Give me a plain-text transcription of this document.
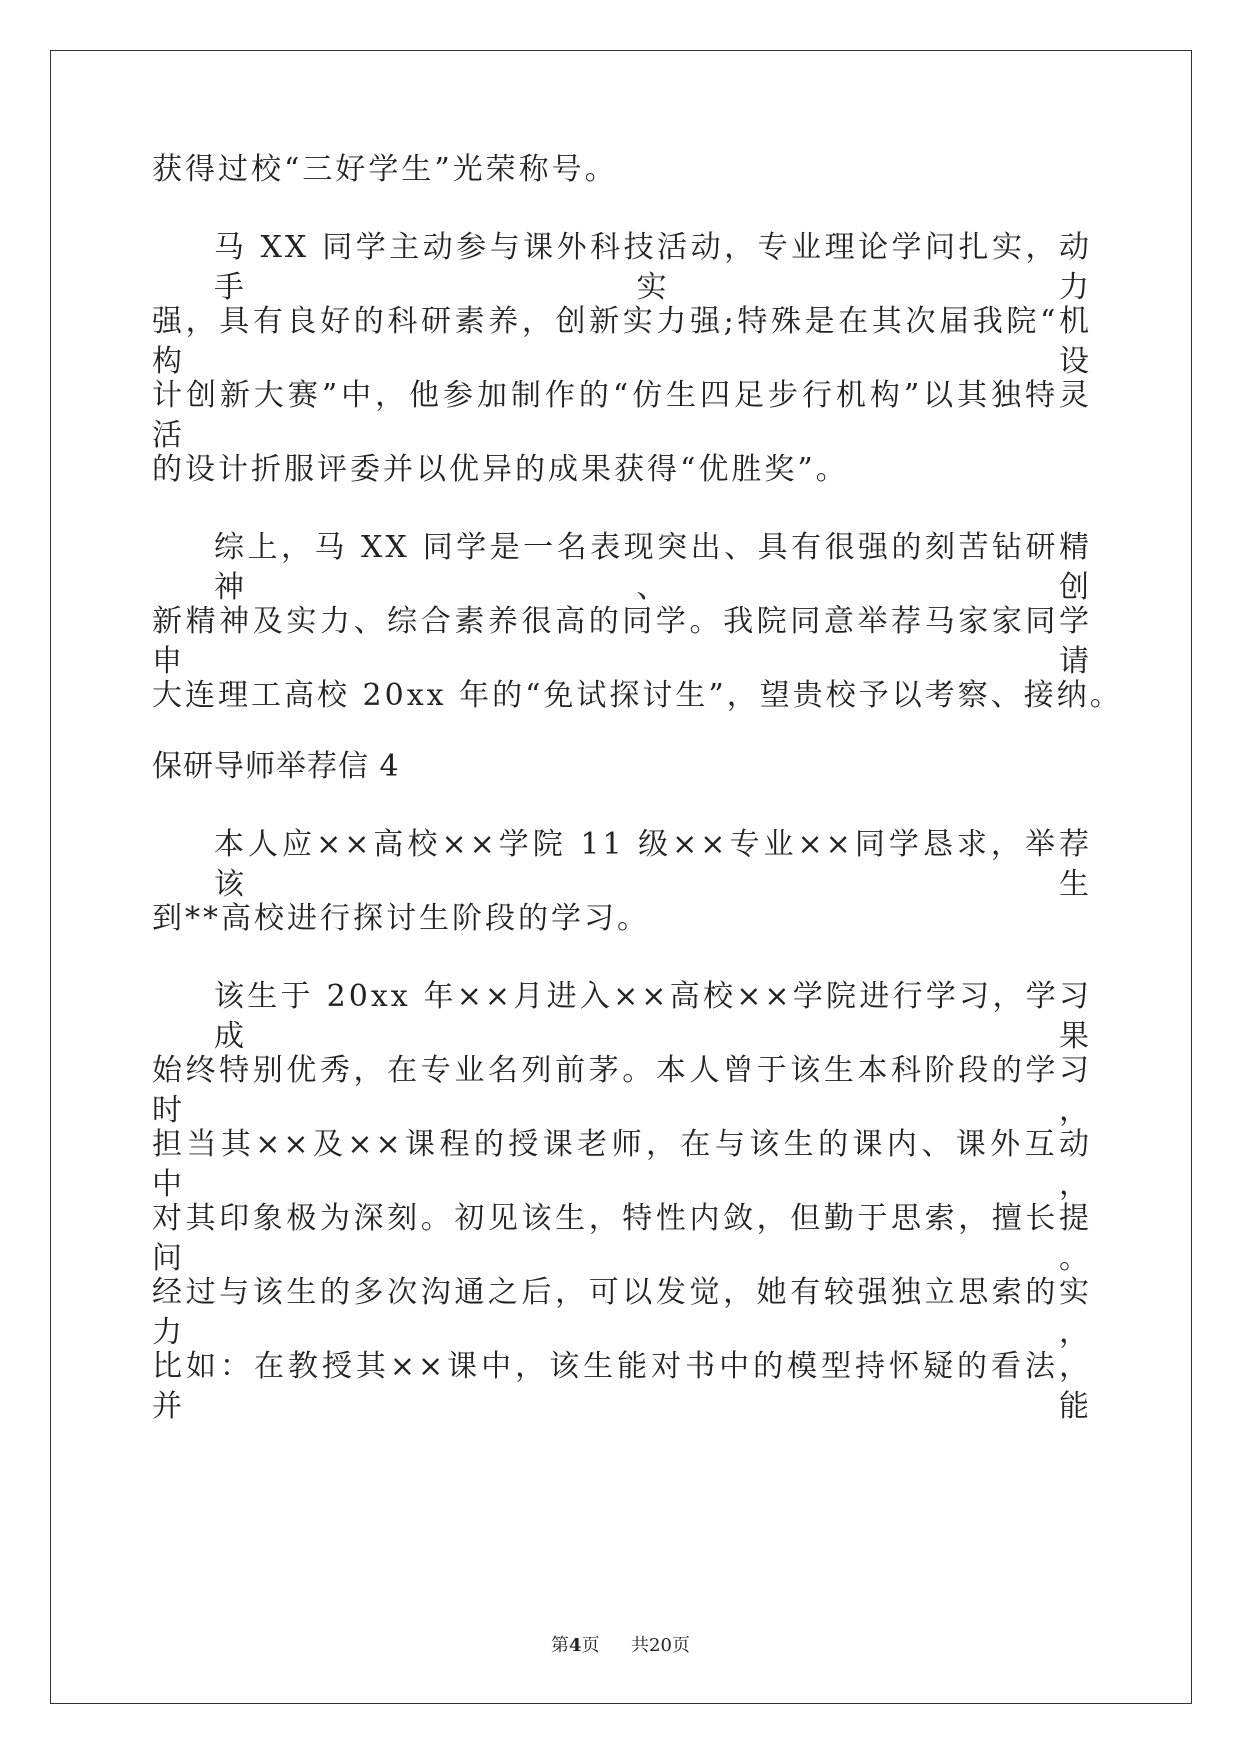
获得过校“三好学生”光荣称号。
马 XX 同学主动参与课外科技活动，专业理论学问扎实，动手实力
强，具有良好的科研素养，创新实力强;特殊是在其次届我院“机构设
计创新大赛”中，他参加制作的“仿生四足步行机构”以其独特灵活
的设计折服评委并以优异的成果获得“优胜奖”。
综上，马 XX 同学是一名表现突出、具有很强的刻苦钻研精神、创
新精神及实力、综合素养很高的同学。我院同意举荐马家家同学申请
大连理工高校 20xx 年的“免试探讨生”，望贵校予以考察、接纳。
保研导师举荐信 4
本人应××高校××学院 11 级××专业××同学恳求，举荐该生
到**高校进行探讨生阶段的学习。
该生于 20xx 年××月进入××高校××学院进行学习，学习成果
始终特别优秀，在专业名列前茅。本人曾于该生本科阶段的学习时，
担当其××及××课程的授课老师，在与该生的课内、课外互动中，
对其印象极为深刻。初见该生，特性内敛，但勤于思索，擅长提问。
经过与该生的多次沟通之后，可以发觉，她有较强独立思索的实力，
比如：在教授其××课中，该生能对书中的模型持怀疑的看法，并能
第4页 共20页
